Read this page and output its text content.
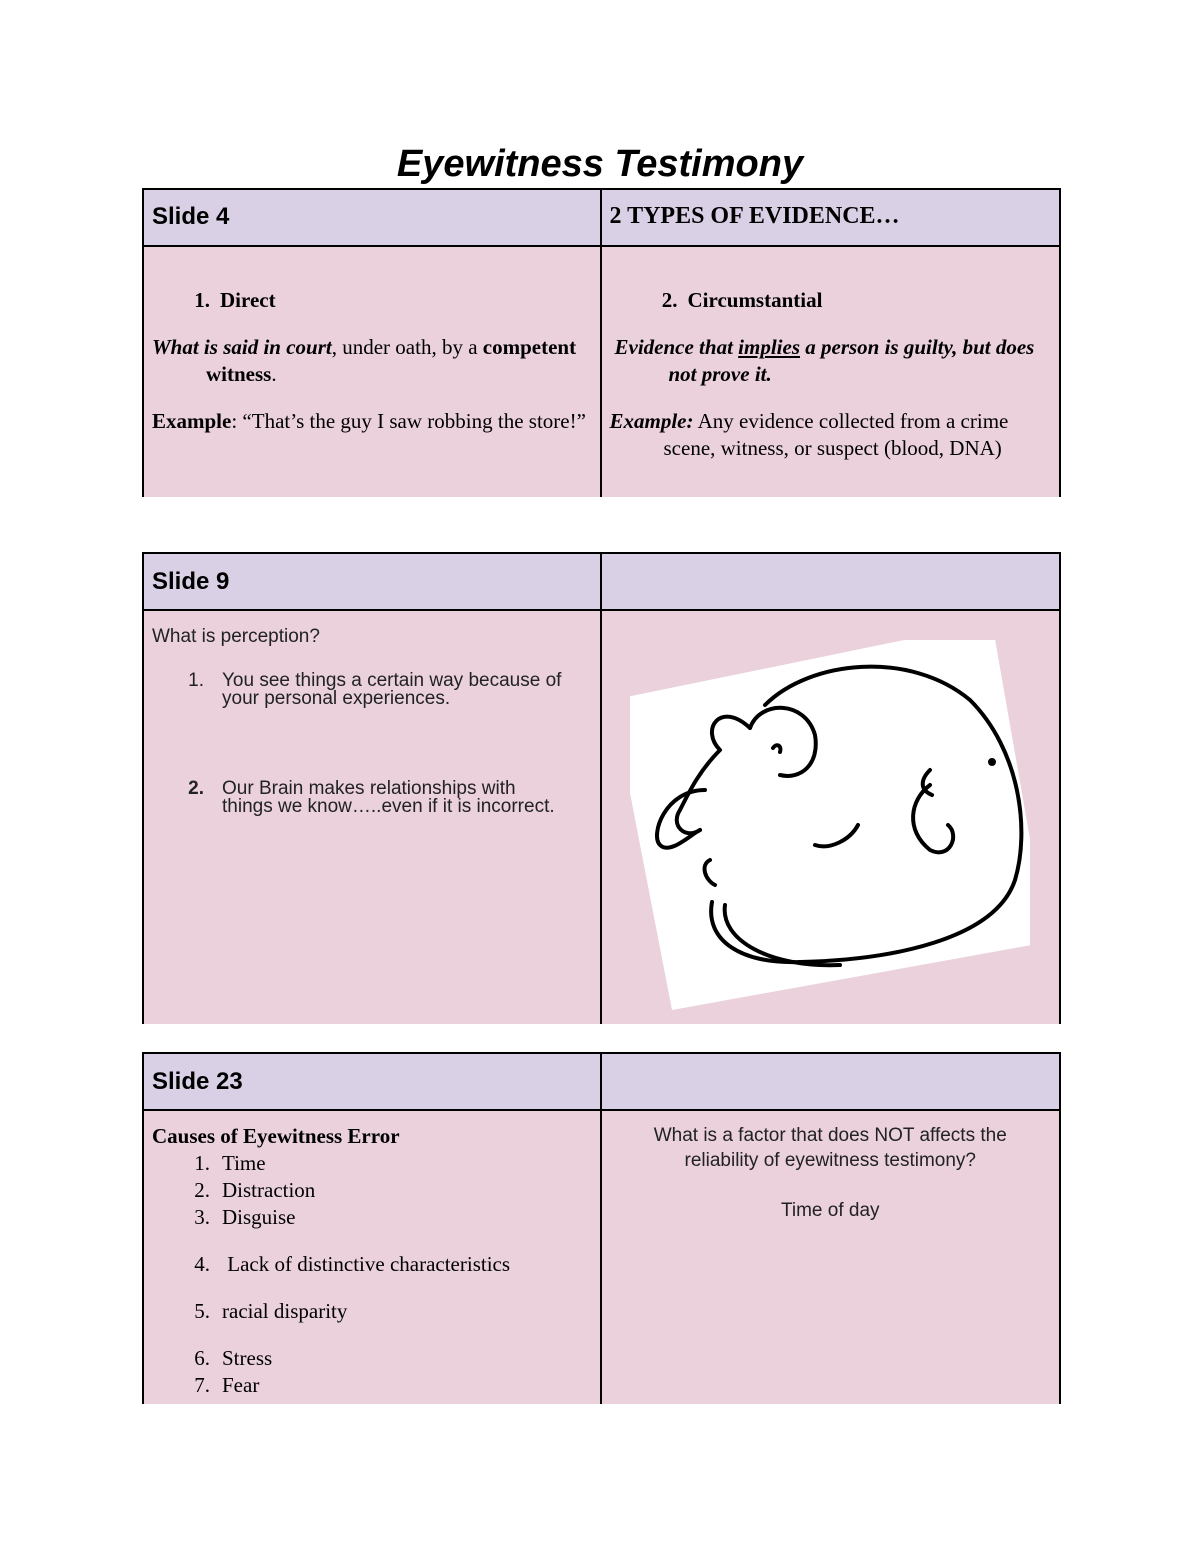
Eyewitness Testimony
Slide 4	2 TYPES OF EVIDENCE…
1. Direct

What is said in court, under oath, by a competent witness.

Example: “That’s the guy I saw robbing the store!”

2. Circumstantial

Evidence that implies a person is guilty, but does not prove it.

Example: Any evidence collected from a crime scene, witness, or suspect (blood, DNA)

Slide 9

What is perception?

1. You see things a certain way because of your personal experiences.
2. Our Brain makes relationships with things we know…..even if it is incorrect.
Slide 23

Causes of Eyewitness Error

1. Time
2. Distraction
3. Disguise
4. Lack of distinctive characteristics
5. racial disparity
6. Stress
7. Fear

What is a factor that does NOT affects the reliability of eyewitness testimony?

Time of day
